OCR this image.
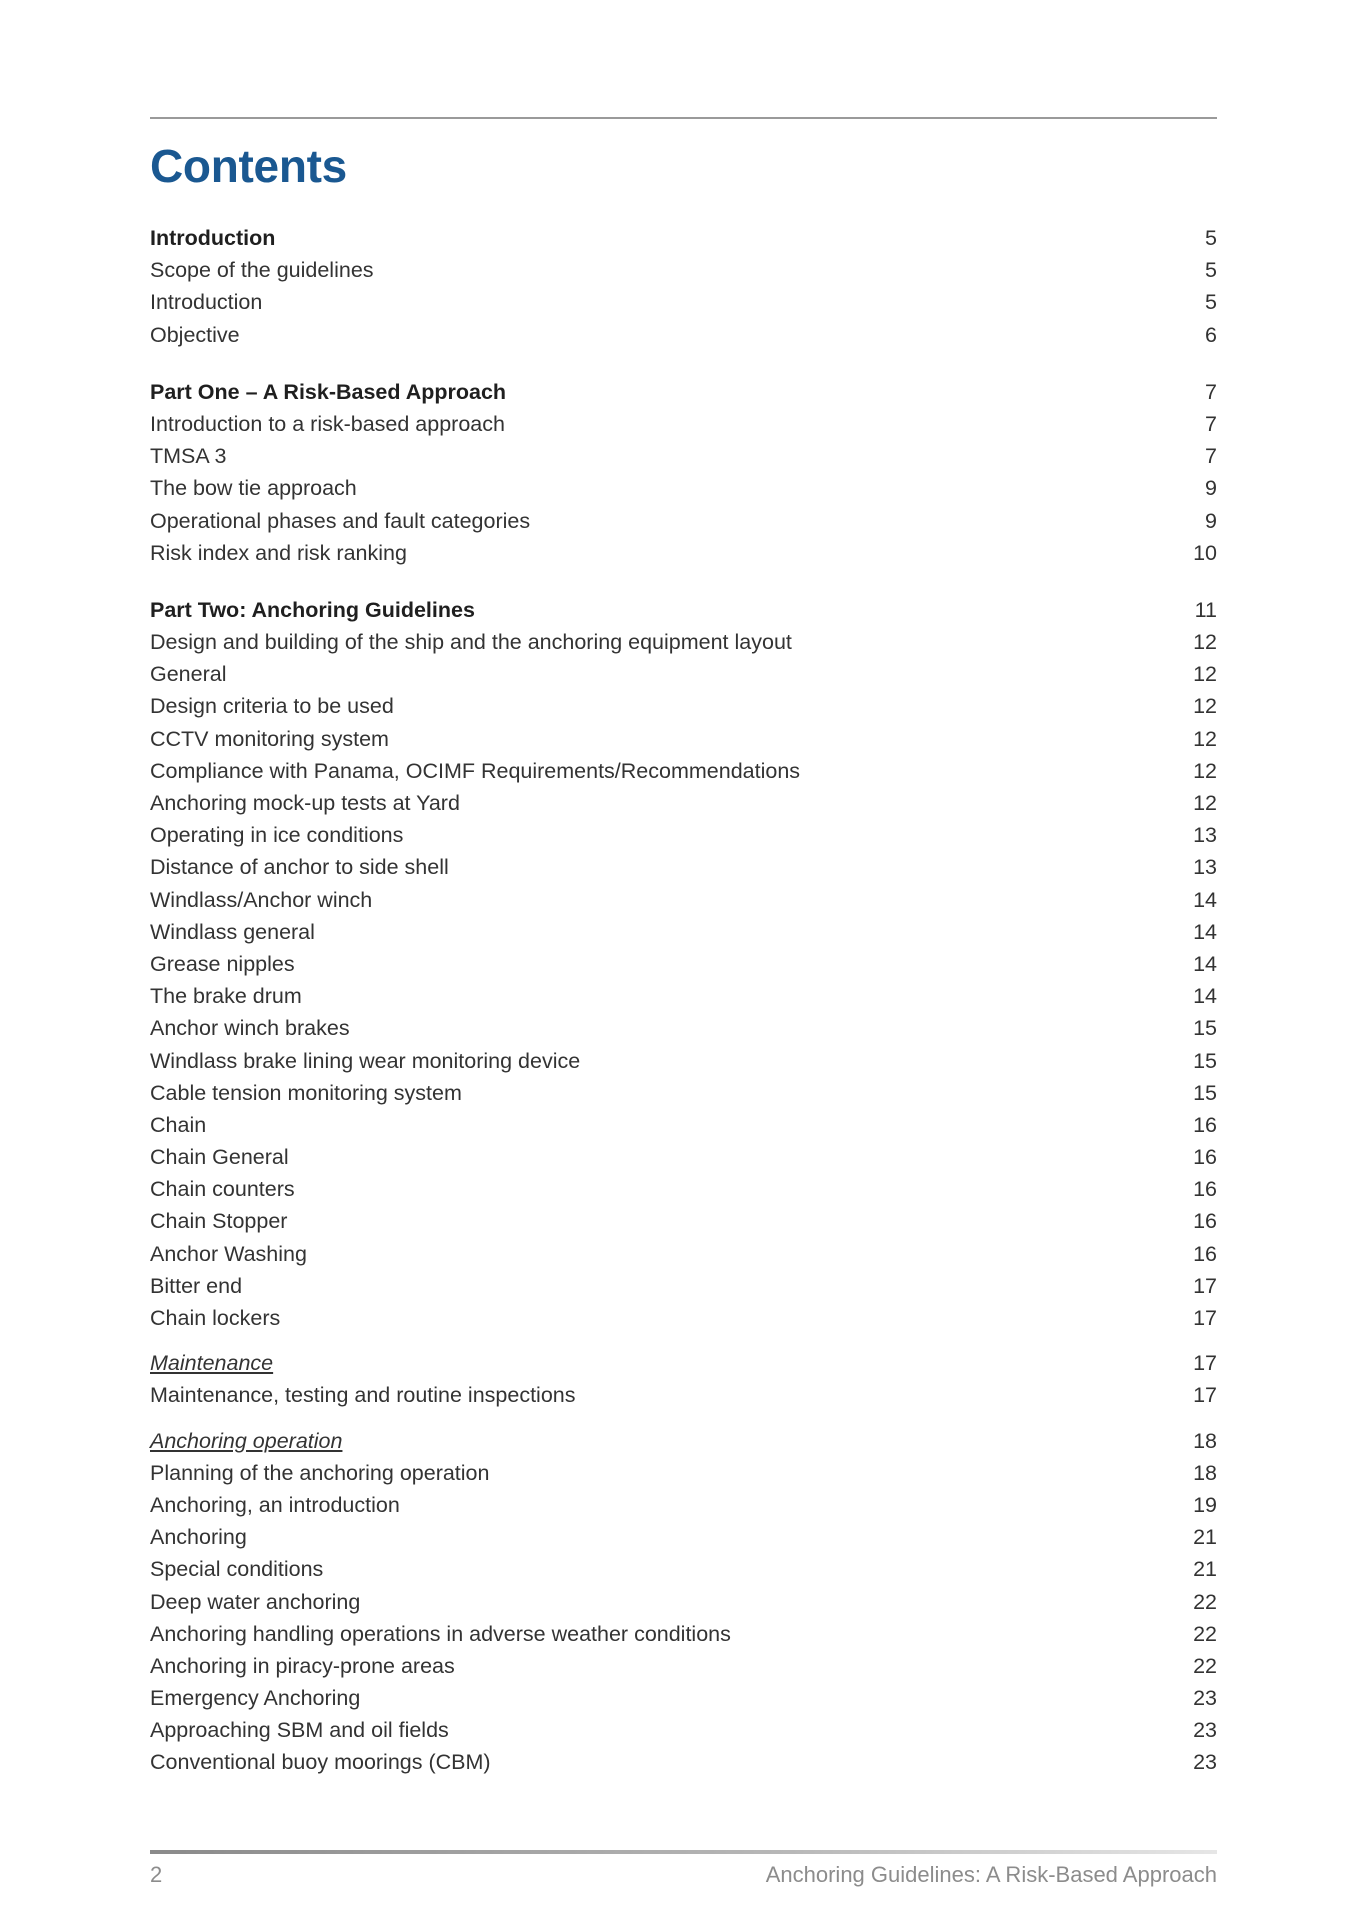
Contents
Introduction	5
Scope of the guidelines	5
Introduction	5
Objective	6
Part One – A Risk-Based Approach	7
Introduction to a risk-based approach	7
TMSA 3	7
The bow tie approach	9
Operational phases and fault categories	9
Risk index and risk ranking	10
Part Two: Anchoring Guidelines	11
Design and building of the ship and the anchoring equipment layout	12
General	12
Design criteria to be used	12
CCTV monitoring system	12
Compliance with Panama, OCIMF Requirements/Recommendations	12
Anchoring mock-up tests at Yard	12
Operating in ice conditions	13
Distance of anchor to side shell	13
Windlass/Anchor winch	14
Windlass general	14
Grease nipples	14
The brake drum	14
Anchor winch brakes	15
Windlass brake lining wear monitoring device	15
Cable tension monitoring system	15
Chain	16
Chain General	16
Chain counters	16
Chain Stopper	16
Anchor Washing	16
Bitter end	17
Chain lockers	17
Maintenance	17
Maintenance, testing and routine inspections	17
Anchoring operation	18
Planning of the anchoring operation	18
Anchoring, an introduction	19
Anchoring	21
Special conditions	21
Deep water anchoring	22
Anchoring handling operations in adverse weather conditions	22
Anchoring in piracy-prone areas	22
Emergency Anchoring	23
Approaching SBM and oil fields	23
Conventional buoy moorings (CBM)	23
2	Anchoring Guidelines: A Risk-Based Approach
